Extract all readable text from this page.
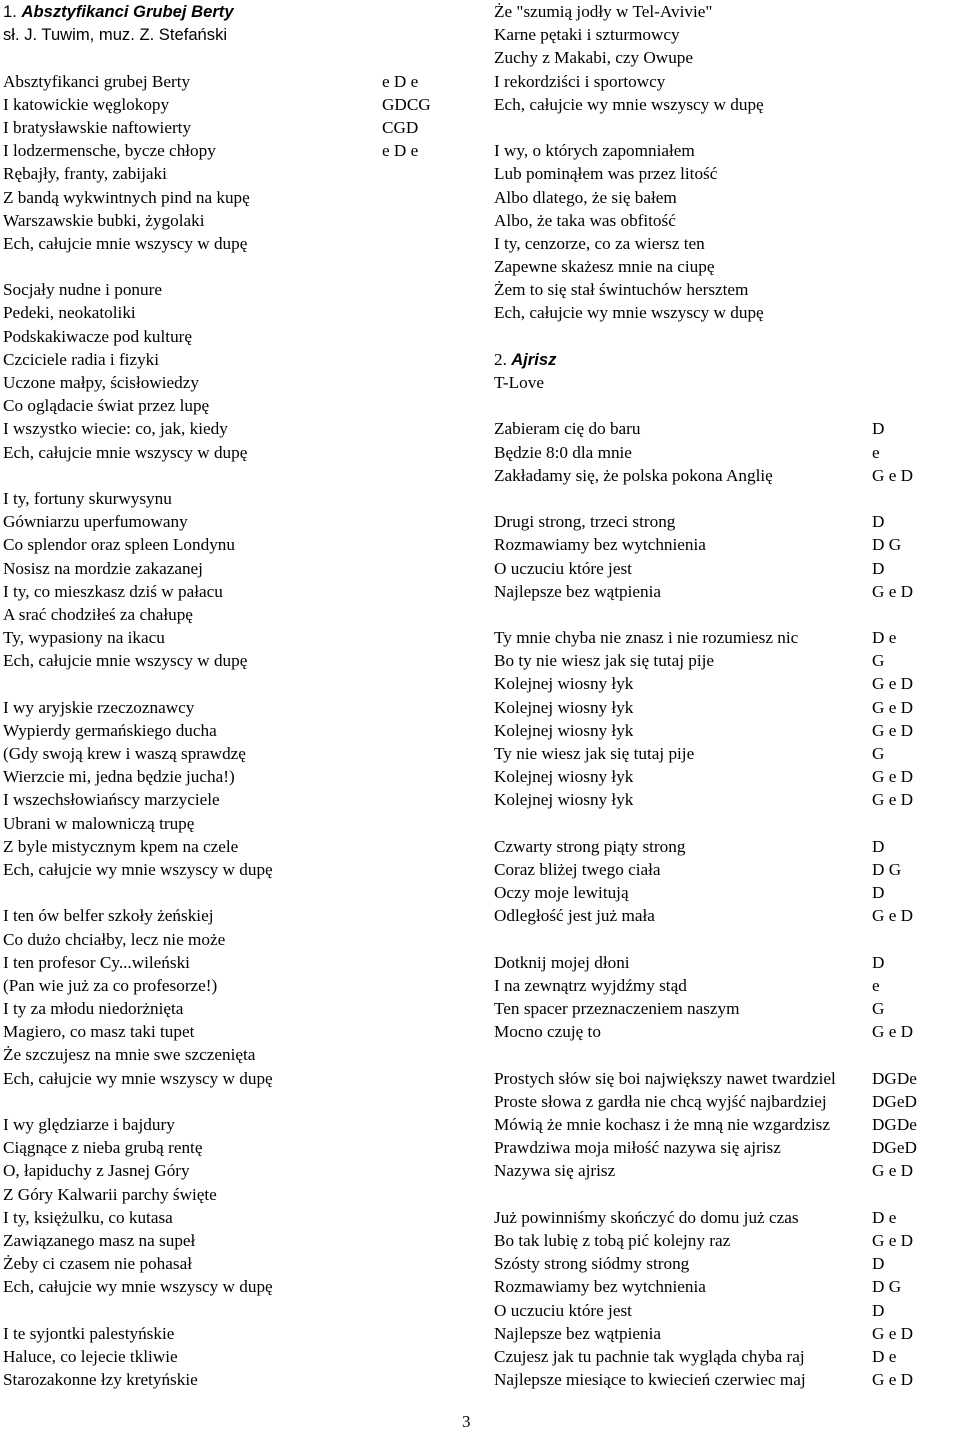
1. Absztyfikanci Grubej Berty
sł. J. Tuwim, muz. Z. Stefański
Absztyfikanci grubej Berty	e D e
I katowickie węglokopy	GDCG
I bratysławskie naftowierty	CGD
I lodzermensche, bycze chłopy	e D e
Rębajły, franty, zabijaki
Z bandą wykwintnych pind na kupę
Warszawskie bubki, żygolaki
Ech, całujcie mnie wszyscy w dupę
Socjały nudne i ponure
Pedeki, neokatoliki
Podskakiwacze pod kulturę
Czciciele radia i fizyki
Uczone małpy, ścisłowiedzy
Co oglądacie świat przez lupę
I wszystko wiecie: co, jak, kiedy
Ech, całujcie mnie wszyscy w dupę
I ty, fortuny skurwysynu
Gówniarzu uperfumowany
Co splendor oraz spleen Londynu
Nosisz na mordzie zakazanej
I ty, co mieszkasz dziś w pałacu
A srać chodziłeś za chałupę
Ty, wypasiony na ikacu
Ech, całujcie mnie wszyscy w dupę
I wy aryjskie rzeczoznawcy
Wypierdy germańskiego ducha
(Gdy swoją krew i waszą sprawdzę
Wierzcie mi, jedna będzie jucha!)
I wszechsłowiańscy marzyciele
Ubrani w malowniczą trupę
Z byle mistycznym kpem na czele
Ech, całujcie wy mnie wszyscy w dupę
I ten ów belfer szkoły żeńskiej
Co dużo chciałby, lecz nie może
I ten profesor Cy...wileński
(Pan wie już za co profesorze!)
I ty za młodu niedorżnięta
Magiero, co masz taki tupet
Że szczujesz na mnie swe szczenięta
Ech, całujcie wy mnie wszyscy w dupę
I wy ględziarze i bajdury
Ciągnące z nieba grubą rentę
O, łapiduchy z Jasnej Góry
Z Góry Kalwarii parchy święte
I ty, księżulku, co kutasa
Zawiązanego masz na supeł
Żeby ci czasem nie pohasał
Ech, całujcie wy mnie wszyscy w dupę
I te syjontki palestyńskie
Haluce, co lejecie tkliwie
Starozakonne łzy kretyńskie
Że "szumią jodły w Tel-Avivie"
Karne pętaki i szturmowcy
Zuchy z Makabi, czy Owupe
I rekordziści i sportowcy
Ech, całujcie wy mnie wszyscy w dupę
I wy, o których zapomniałem
Lub pominąłem was przez litość
Albo dlatego, że się bałem
Albo, że taka was obfitość
I ty, cenzorze, co za wiersz ten
Zapewne skażesz mnie na ciupę
Żem to się stał świntuchów hersztem
Ech, całujcie wy mnie wszyscy w dupę
2. Ajrisz
T-Love
Zabieram cię do baru	D
Będzie 8:0 dla mnie	e
Zakładamy się, że polska pokona Anglię	G e D
Drugi strong, trzeci strong	D
Rozmawiamy bez wytchnienia	D G
O uczuciu które jest	D
Najlepsze bez wątpienia	G e D
Ty mnie chyba nie znasz i nie rozumiesz nic	D e
Bo ty nie wiesz jak się tutaj pije	G
Kolejnej wiosny łyk	G e D
Kolejnej wiosny łyk	G e D
Kolejnej wiosny łyk	G e D
Ty nie wiesz jak się tutaj pije	G
Kolejnej wiosny łyk	G e D
Kolejnej wiosny łyk	G e D
Czwarty strong piąty strong	D
Coraz bliżej twego ciała	D G
Oczy moje lewitują	D
Odległość jest już mała	G e D
Dotknij mojej dłoni	D
I na zewnątrz wyjdźmy stąd	e
Ten spacer przeznaczeniem naszym	G
Mocno czuję to	G e D
Prostych słów się boi największy nawet twardziel DGDe
Proste słowa z gardła nie chcą wyjść najbardziej	DGeD
Mówią że mnie kochasz i że mną nie wzgardzisz DGDe
Prawdziwa moja miłość nazywa się ajrisz	DGeD
Nazywa się ajrisz	G e D
Już powinniśmy skończyć do domu już czas	D e
Bo tak lubię z tobą pić kolejny raz	G e D
Szósty strong siódmy strong	D
Rozmawiamy bez wytchnienia	D G
O uczuciu które jest	D
Najlepsze bez wątpienia	G e D
Czujesz jak tu pachnie tak wygląda chyba raj	D e
Najlepsze miesiące to kwiecień czerwiec maj	G e D
3
